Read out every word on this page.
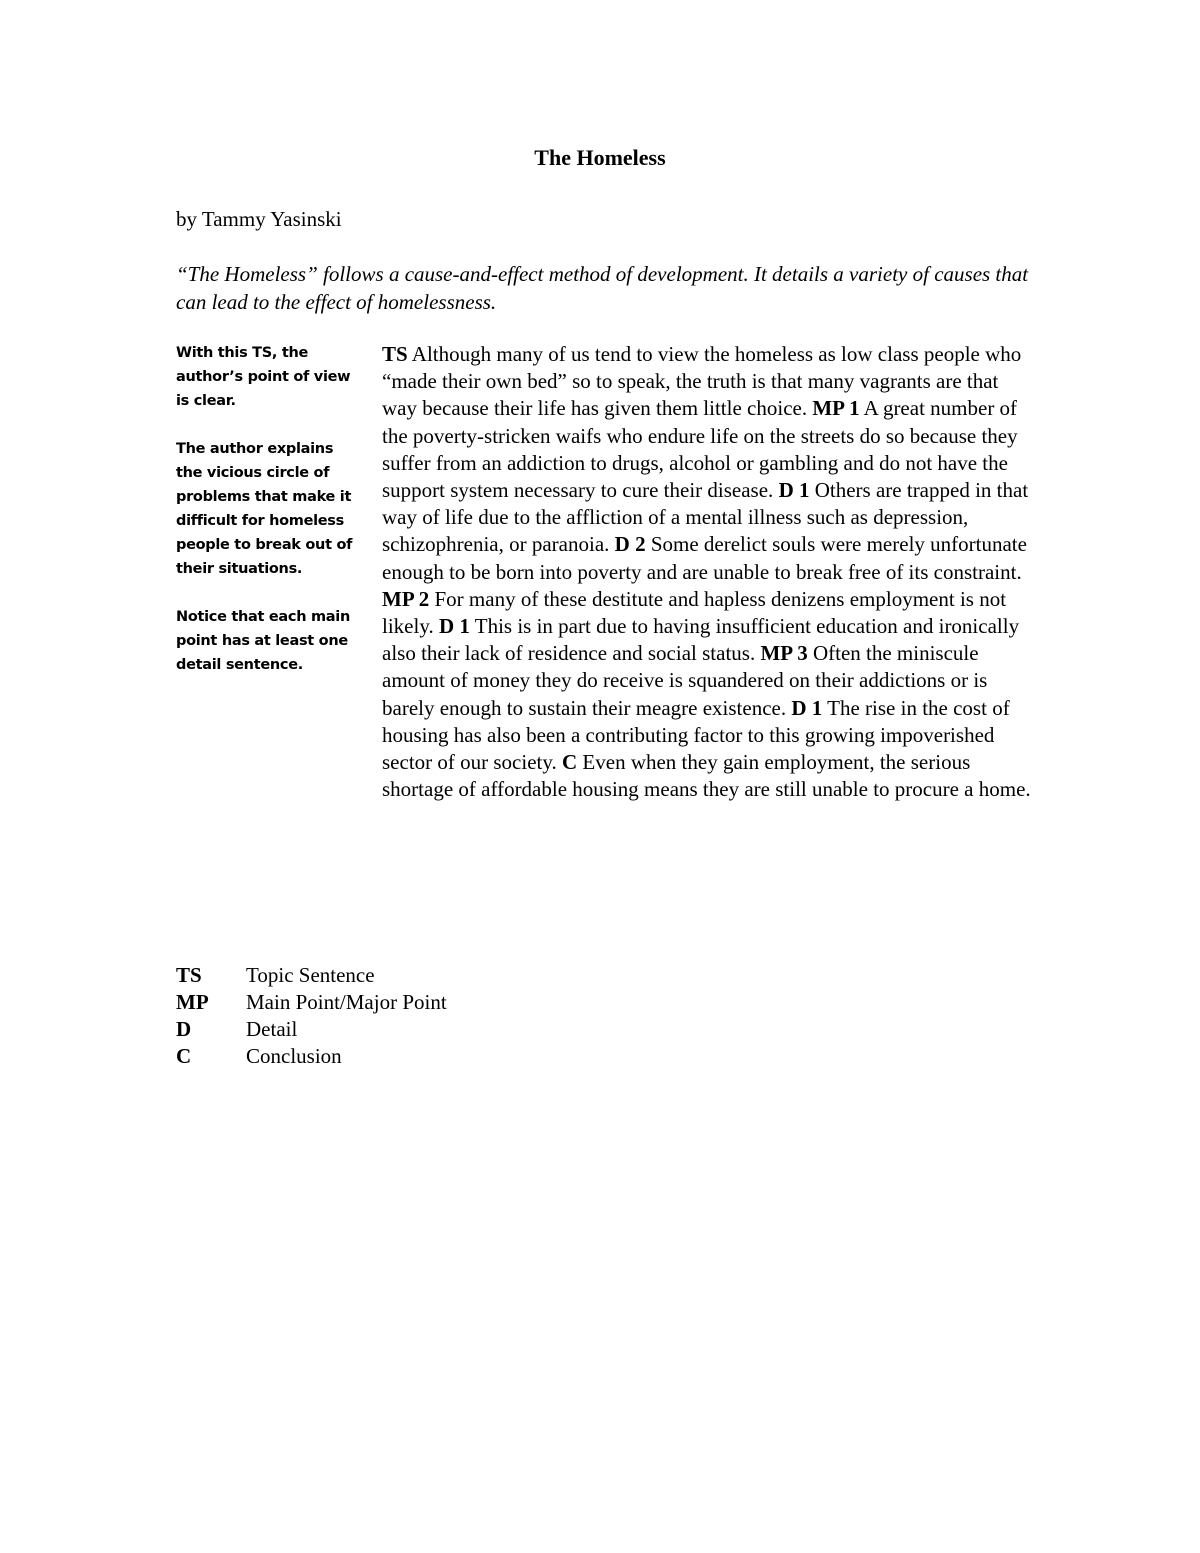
The Homeless

by Tammy Yasinski

“The Homeless” follows a cause-and-effect method of development. It details a variety of causes that can lead to the effect of homelessness.

With this TS, the author’s point of view is clear.

The author explains the vicious circle of problems that make it difficult for homeless people to break out of their situations.

Notice that each main point has at least one detail sentence.

TS Although many of us tend to view the homeless as low class people who “made their own bed” so to speak, the truth is that many vagrants are that way because their life has given them little choice. MP 1 A great number of the poverty-stricken waifs who endure life on the streets do so because they suffer from an addiction to drugs, alcohol or gambling and do not have the support system necessary to cure their disease. D 1 Others are trapped in that way of life due to the affliction of a mental illness such as depression, schizophrenia, or paranoia. D 2 Some derelict souls were merely unfortunate enough to be born into poverty and are unable to break free of its constraint. MP 2 For many of these destitute and hapless denizens employment is not likely. D 1 This is in part due to having insufficient education and ironically also their lack of residence and social status. MP 3 Often the miniscule amount of money they do receive is squandered on their addictions or is barely enough to sustain their meagre existence. D 1 The rise in the cost of housing has also been a contributing factor to this growing impoverished sector of our society. C Even when they gain employment, the serious shortage of affordable housing means they are still unable to procure a home.

TS	Topic Sentence
MP	Main Point/Major Point
D	Detail
C	Conclusion
